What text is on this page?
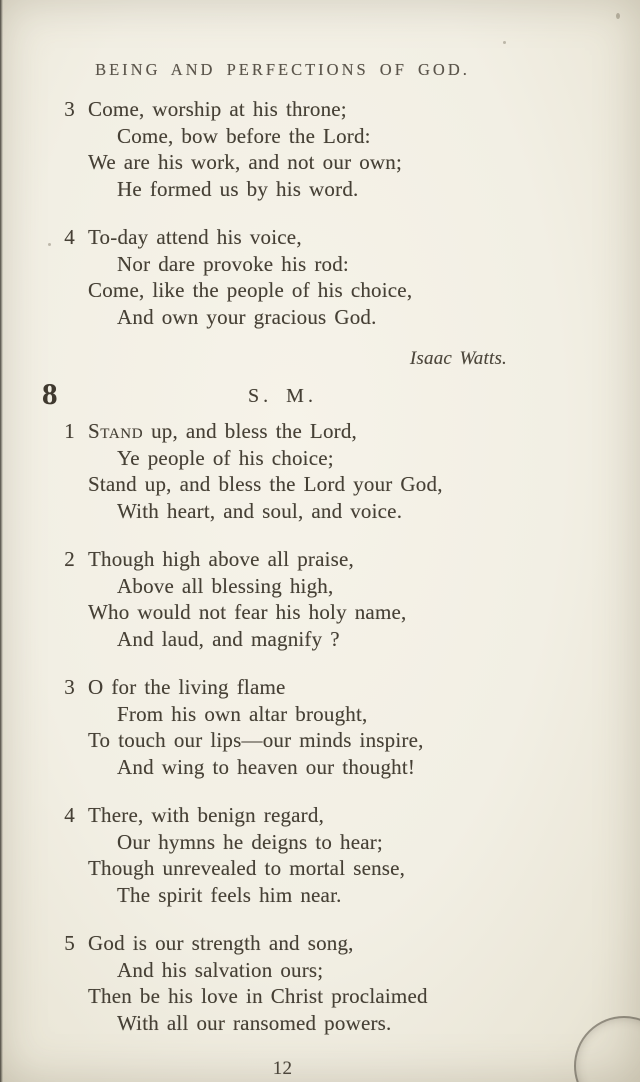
BEING AND PERFECTIONS OF GOD.
3 Come, worship at his throne;
Come, bow before the Lord:
We are his work, and not our own;
He formed us by his word.
4 To-day attend his voice,
Nor dare provoke his rod:
Come, like the people of his choice,
And own your gracious God.
Isaac Watts.
8	S. M.
1 Stand up, and bless the Lord,
Ye people of his choice;
Stand up, and bless the Lord your God,
With heart, and soul, and voice.
2 Though high above all praise,
Above all blessing high,
Who would not fear his holy name,
And laud, and magnify ?
3 O for the living flame
From his own altar brought,
To touch our lips—our minds inspire,
And wing to heaven our thought!
4 There, with benign regard,
Our hymns he deigns to hear;
Though unrevealed to mortal sense,
The spirit feels him near.
5 God is our strength and song,
And his salvation ours;
Then be his love in Christ proclaimed
With all our ransomed powers.
12
